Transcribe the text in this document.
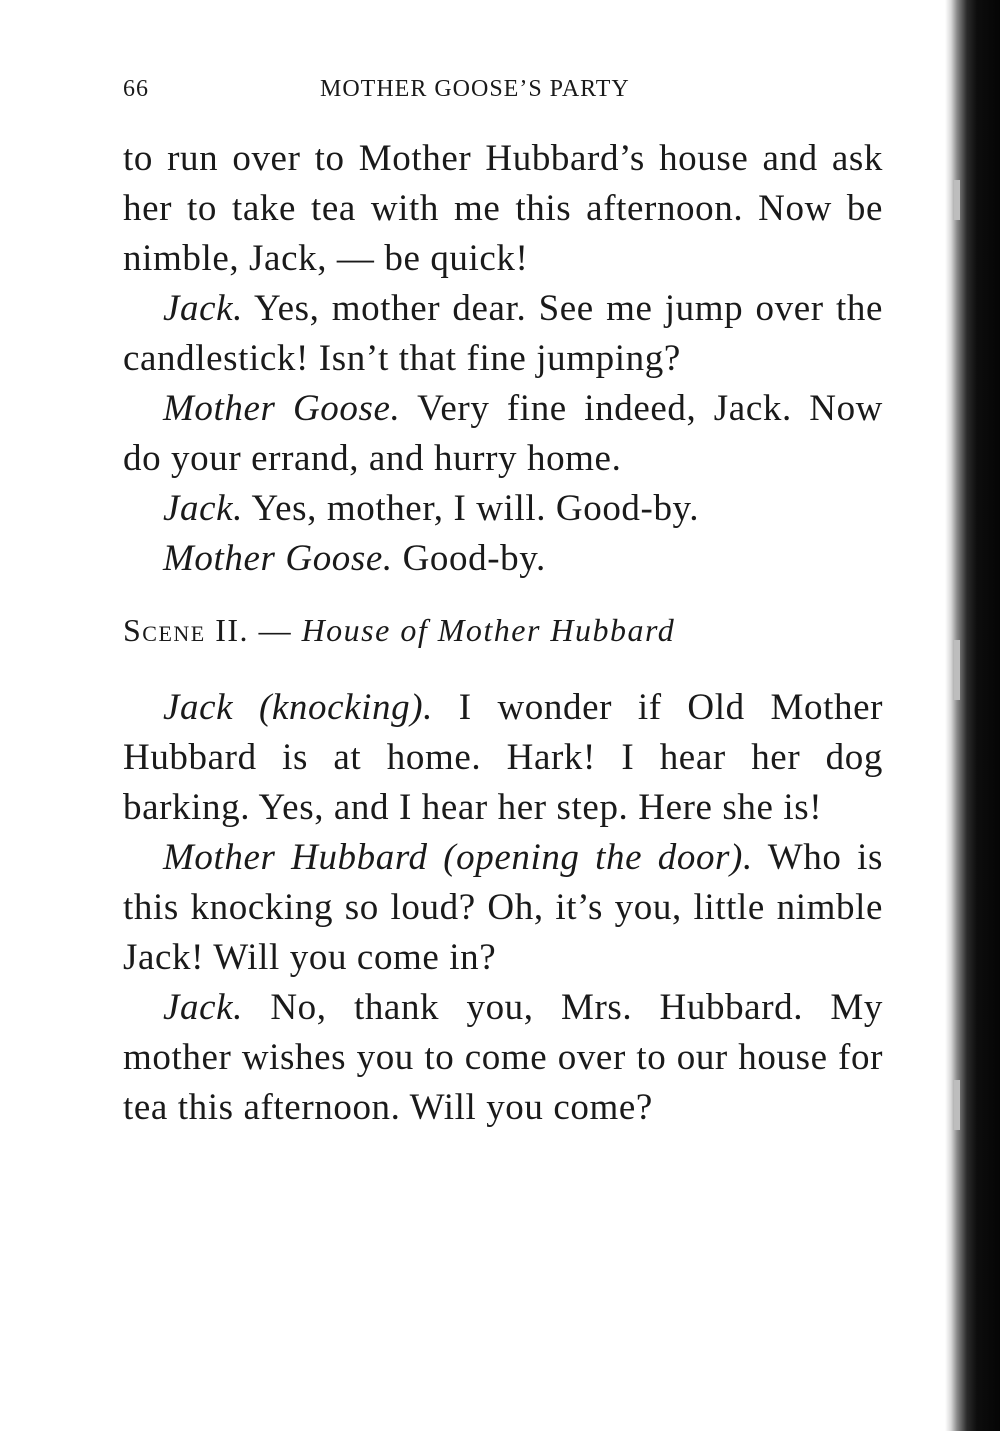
66	MOTHER GOOSE’S PARTY

to run over to Mother Hubbard’s house and ask her to take tea with me this afternoon. Now be nimble, Jack, — be quick!

Jack. Yes, mother dear. See me jump over the candlestick! Isn’t that fine jumping?

Mother Goose. Very fine indeed, Jack. Now do your errand, and hurry home.

Jack. Yes, mother, I will. Good-by.

Mother Goose. Good-by.

Scene II. — House of Mother Hubbard

Jack (knocking). I wonder if Old Mother Hubbard is at home. Hark! I hear her dog barking. Yes, and I hear her step. Here she is!

Mother Hubbard (opening the door). Who is this knocking so loud? Oh, it’s you, little nimble Jack! Will you come in?

Jack. No, thank you, Mrs. Hubbard. My mother wishes you to come over to our house for tea this afternoon. Will you come?
